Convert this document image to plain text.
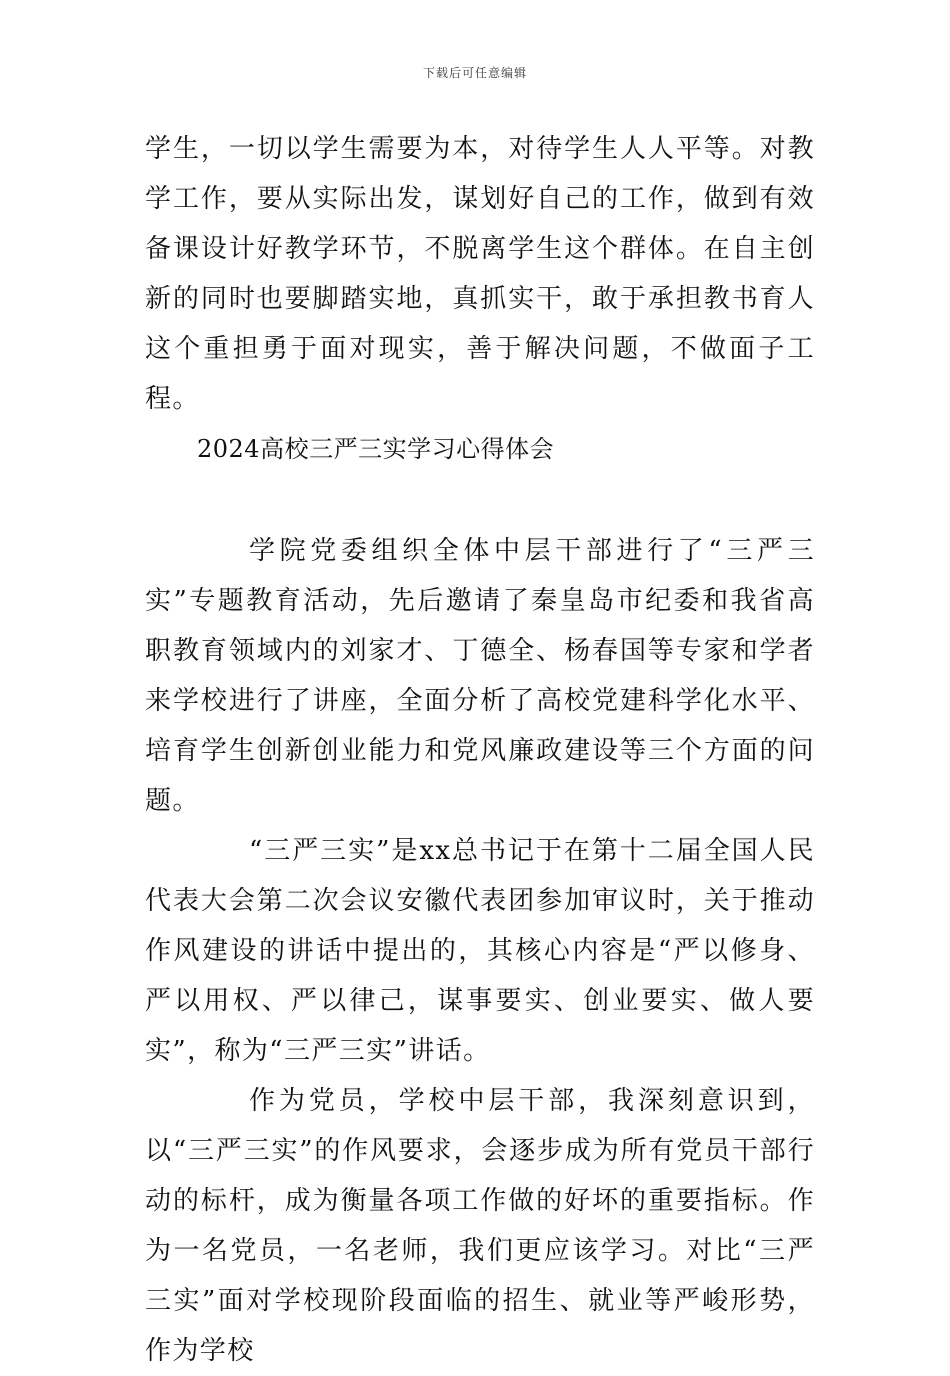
下载后可任意编辑

学生，一切以学生需要为本，对待学生人人平等。对教学工作，要从实际出发，谋划好自己的工作，做到有效备课设计好教学环节，不脱离学生这个群体。在自主创新的同时也要脚踏实地，真抓实干，敢于承担教书育人这个重担勇于面对现实，善于解决问题，不做面子工程。

2024高校三严三实学习心得体会

学院党委组织全体中层干部进行了“三严三实”专题教育活动，先后邀请了秦皇岛市纪委和我省高职教育领域内的刘家才、丁德全、杨春国等专家和学者来学校进行了讲座，全面分析了高校党建科学化水平、培育学生创新创业能力和党风廉政建设等三个方面的问题。

“三严三实”是xx总书记于在第十二届全国人民代表大会第二次会议安徽代表团参加审议时，关于推动作风建设的讲话中提出的，其核心内容是“严以修身、严以用权、严以律己，谋事要实、创业要实、做人要实”，称为“三严三实”讲话。

作为党员，学校中层干部，我深刻意识到，以“三严三实”的作风要求，会逐步成为所有党员干部行动的标杆，成为衡量各项工作做的好坏的重要指标。作为一名党员，一名老师，我们更应该学习。对比“三严三实”面对学校现阶段面临的招生、就业等严峻形势，作为学校
